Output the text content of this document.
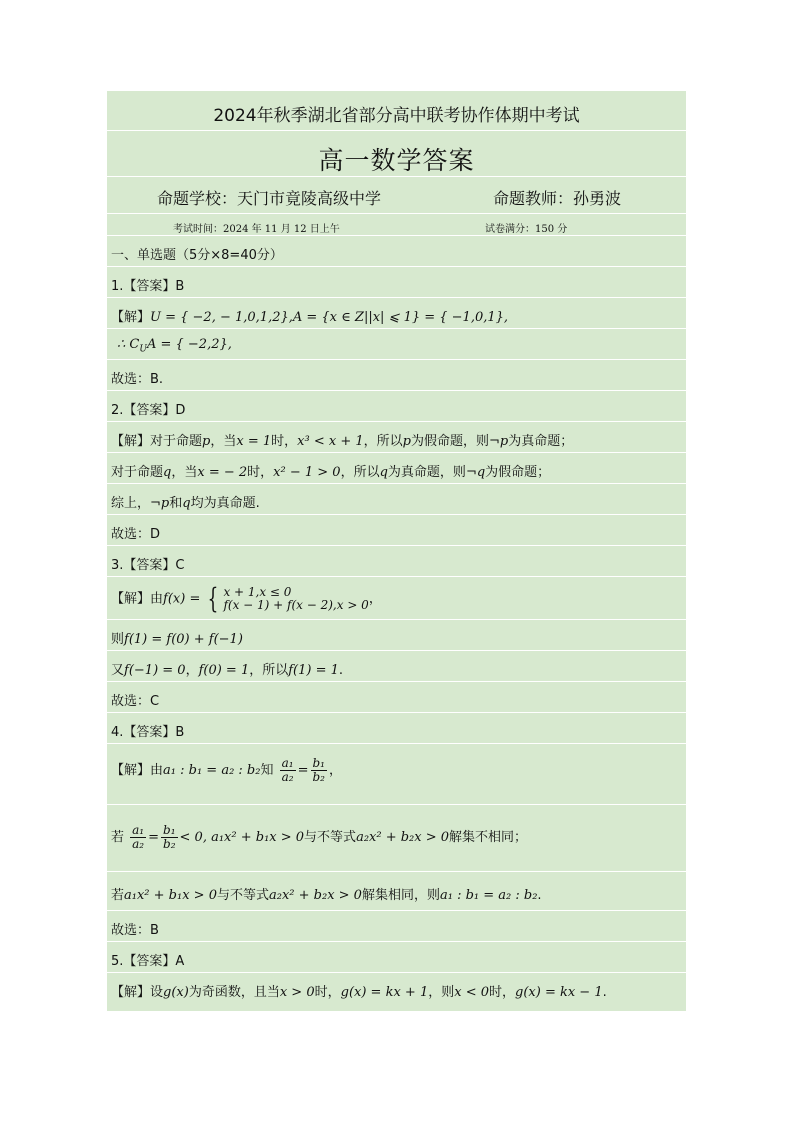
2024年秋季湖北省部分高中联考协作体期中考试
高一数学答案
命题学校：天门市竟陵高级中学	命题教师：孙勇波
考试时间：2024 年 11 月 12 日上午	试卷满分：150 分
一、单选题（5分×8=40分）
1.【答案】B
【解】U = { −2, − 1,0,1,2},A = {x ∈ Z||x| ⩽ 1} = { −1,0,1},
∴ $C_UA$ = { −2,2},
故选：B.
2.【答案】D
【解】对于命题p，当x = 1时，x³ < x + 1，所以p为假命题，则¬p为真命题；
对于命题q，当x = − 2时，x² − 1 > 0，所以q为真命题，则¬q为假命题；
综上，¬p和q均为真命题.
故选：D
3.【答案】C
【解】由f(x) = { x + 1,x ≤ 0
f(x − 1) + f(x − 2),x > 0 ，
则f(1) = f(0) + f(−1)
又f(−1) = 0，f(0) = 1，所以f(1) = 1.
故选：C
4.【答案】B
【解】由a₁ : b₁ = a₂ : b₂知 $\frac{\text{a₁}}{\text{a₂}} = \frac{\text{b₁}}{\text{b₂}}$ ，
若 $\frac{\text{a₁}}{\text{a₂}} = \frac{\text{b₁}}{\text{b₂}} < 0$, a₁x² + b₁x > 0与不等式a₂x² + b₂x > 0解集不相同；
若a₁x² + b₁x > 0与不等式a₂x² + b₂x > 0解集相同，则a₁ : b₁ = a₂ : b₂.
故选：B
5.【答案】A
【解】设g(x)为奇函数，且当x > 0时，g(x) = kx + 1，则x < 0时，g(x) = kx − 1.
